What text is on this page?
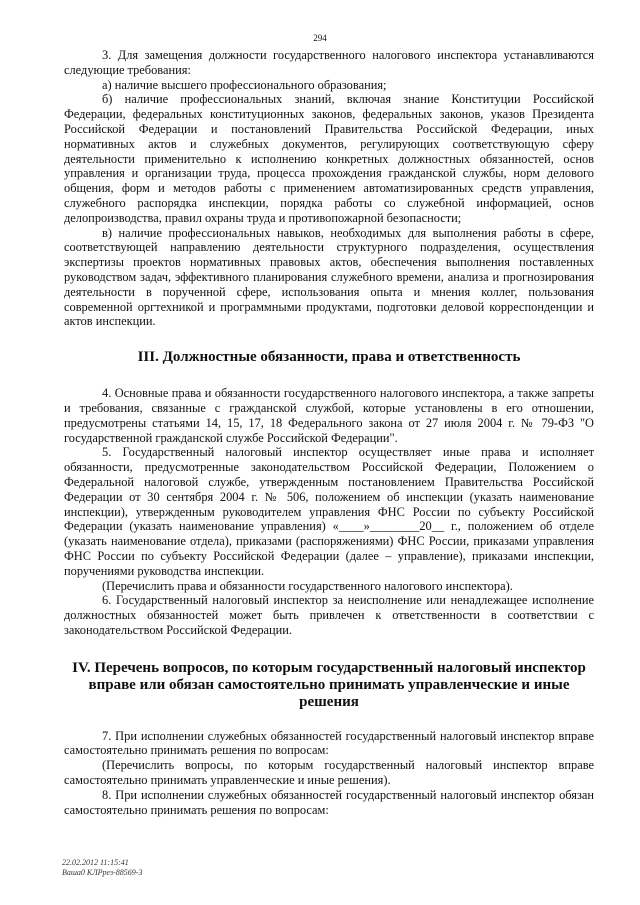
294

3. Для замещения должности государственного налогового инспектора устанавливаются следующие требования:

а) наличие высшего профессионального образования;

б) наличие профессиональных знаний, включая знание Конституции Российской Федерации, федеральных конституционных законов, федеральных законов, указов Президента Российской Федерации и постановлений Правительства Российской Федерации, иных нормативных актов и служебных документов, регулирующих соответствующую сферу деятельности применительно к исполнению конкретных должностных обязанностей, основ управления и организации труда, процесса прохождения гражданской службы, норм делового общения, форм и методов работы с применением автоматизированных средств управления, служебного распорядка инспекции, порядка работы со служебной информацией, основ делопроизводства, правил охраны труда и противопожарной безопасности;

в) наличие профессиональных навыков, необходимых для выполнения работы в сфере, соответствующей направлению деятельности структурного подразделения, осуществления экспертизы проектов нормативных правовых актов, обеспечения выполнения поставленных руководством задач, эффективного планирования служебного времени, анализа и прогнозирования деятельности в порученной сфере, использования опыта и мнения коллег, пользования современной оргтехникой и программными продуктами, подготовки деловой корреспонденции и актов инспекции.

III. Должностные обязанности, права и ответственность

4. Основные права и обязанности государственного налогового инспектора, а также запреты и требования, связанные с гражданской службой, которые установлены в его отношении, предусмотрены статьями 14, 15, 17, 18 Федерального закона от 27 июля 2004 г. № 79-ФЗ "О государственной гражданской службе Российской Федерации".

5. Государственный налоговый инспектор осуществляет иные права и исполняет обязанности, предусмотренные законодательством Российской Федерации, Положением о Федеральной налоговой службе, утвержденным постановлением Правительства Российской Федерации от 30 сентября 2004 г. № 506, положением об инспекции (указать наименование инспекции), утвержденным руководителем управления ФНС России по субъекту Российской Федерации (указать наименование управления) «____»________20__ г., положением об отделе (указать наименование отдела), приказами (распоряжениями) ФНС России, приказами управления ФНС России по субъекту Российской Федерации (далее – управление), приказами инспекции, поручениями руководства инспекции.

(Перечислить права и обязанности государственного налогового инспектора).

6. Государственный налоговый инспектор за неисполнение или ненадлежащее исполнение должностных обязанностей может быть привлечен к ответственности в соответствии с законодательством Российской Федерации.

IV. Перечень вопросов, по которым государственный налоговый инспектор вправе или обязан самостоятельно принимать управленческие и иные решения

7. При исполнении служебных обязанностей государственный налоговый инспектор вправе самостоятельно принимать решения по вопросам:

(Перечислить вопросы, по которым государственный налоговый инспектор вправе самостоятельно принимать управленческие и иные решения).

8. При исполнении служебных обязанностей государственный налоговый инспектор обязан самостоятельно принимать решения по вопросам:

22.02.2012 11:15:41
Ваша0 КЛРрез-88569-3
